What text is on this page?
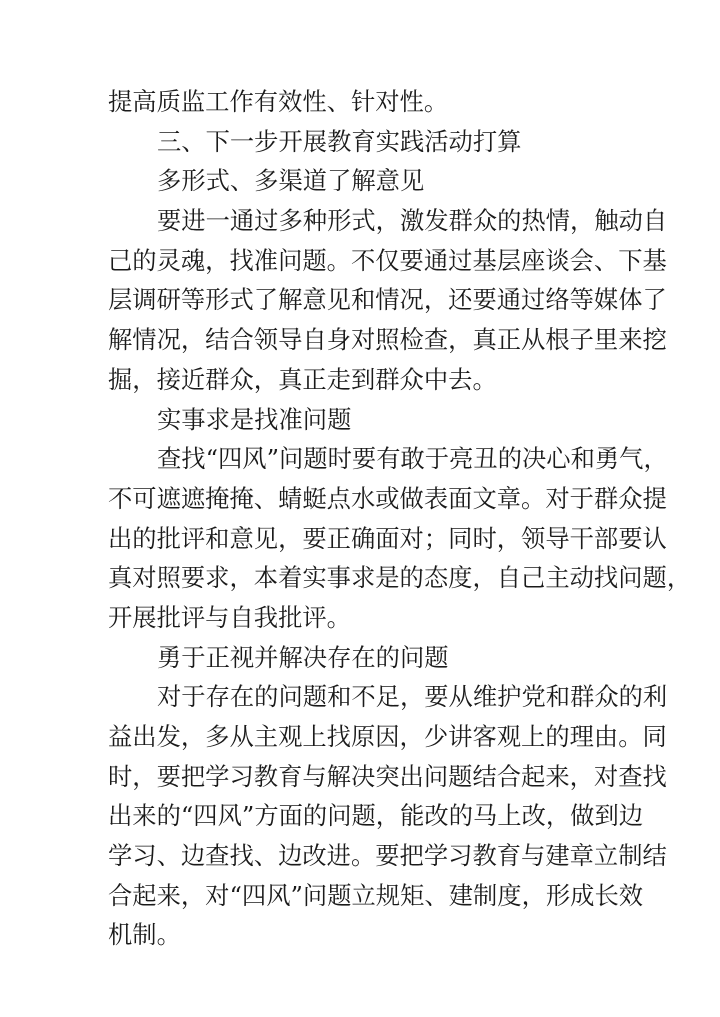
提高质监工作有效性、针对性。
三、下一步开展教育实践活动打算
多形式、多渠道了解意见
要进一通过多种形式，激发群众的热情，触动自
己的灵魂，找准问题。不仅要通过基层座谈会、下基
层调研等形式了解意见和情况，还要通过络等媒体了
解情况，结合领导自身对照检查，真正从根子里来挖
掘，接近群众，真正走到群众中去。
实事求是找准问题
查找“四风”问题时要有敢于亮丑的决心和勇气，
不可遮遮掩掩、蜻蜓点水或做表面文章。对于群众提
出的批评和意见，要正确面对；同时，领导干部要认
真对照要求，本着实事求是的态度，自己主动找问题，
开展批评与自我批评。
勇于正视并解决存在的问题
对于存在的问题和不足，要从维护党和群众的利
益出发，多从主观上找原因，少讲客观上的理由。同
时，要把学习教育与解决突出问题结合起来，对查找
出来的“四风”方面的问题，能改的马上改，做到边
学习、边查找、边改进。要把学习教育与建章立制结
合起来，对“四风”问题立规矩、建制度，形成长效
机制。
